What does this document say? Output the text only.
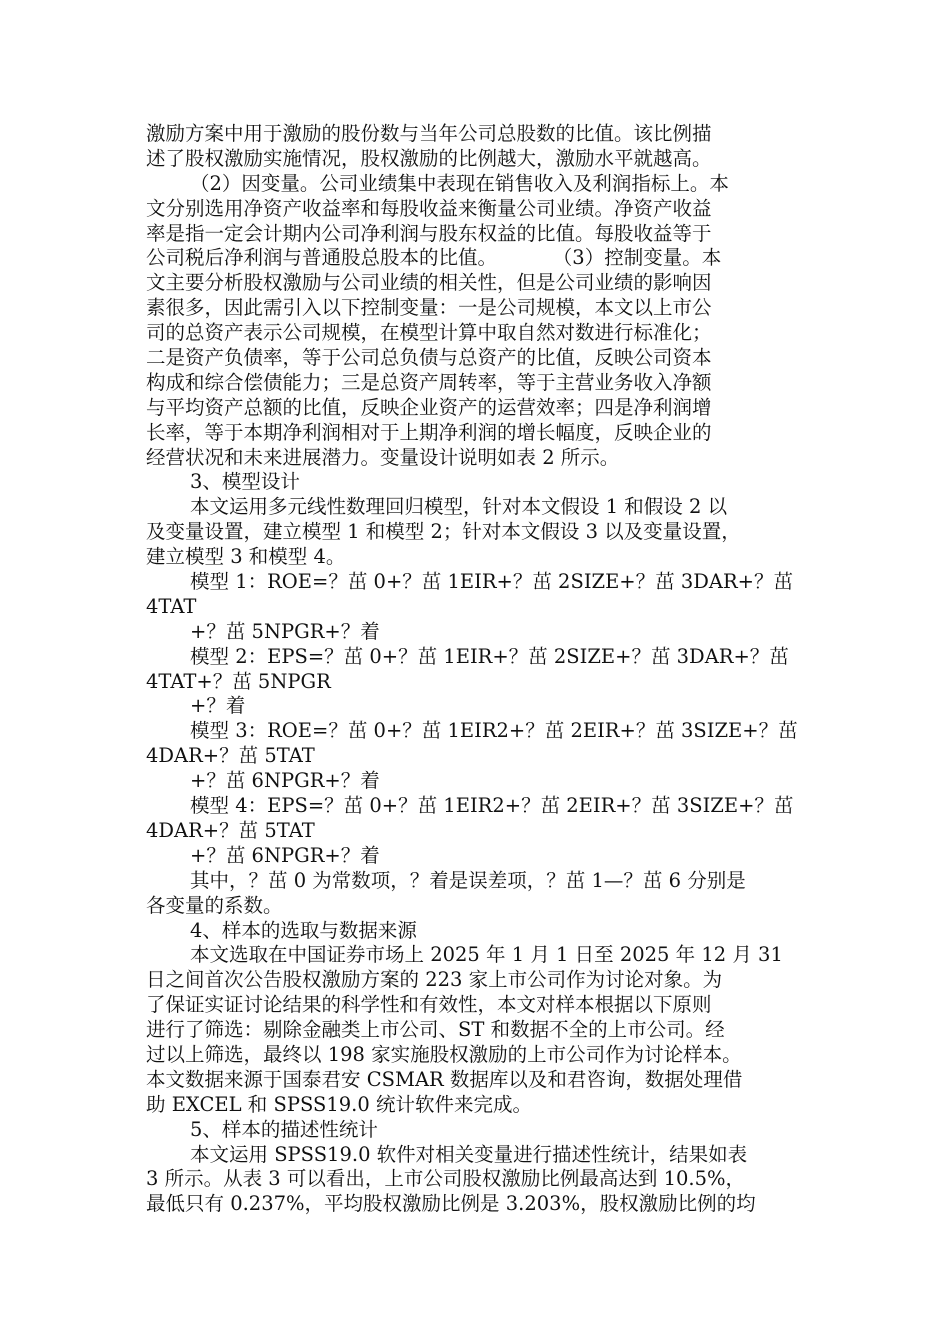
激励方案中用于激励的股份数与当年公司总股数的比值。该比例描
述了股权激励实施情况，股权激励的比例越大，激励水平就越高。
（2）因变量。公司业绩集中表现在销售收入及利润指标上。本
文分别选用净资产收益率和每股收益来衡量公司业绩。净资产收益
率是指一定会计期内公司净利润与股东权益的比值。每股收益等于
公司税后净利润与普通股总股本的比值。         （3）控制变量。本
文主要分析股权激励与公司业绩的相关性，但是公司业绩的影响因
素很多，因此需引入以下控制变量：一是公司规模，本文以上市公
司的总资产表示公司规模，在模型计算中取自然对数进行标准化；
二是资产负债率，等于公司总负债与总资产的比值，反映公司资本
构成和综合偿债能力；三是总资产周转率，等于主营业务收入净额
与平均资产总额的比值，反映企业资产的运营效率；四是净利润增
长率，等于本期净利润相对于上期净利润的增长幅度，反映企业的
经营状况和未来进展潜力。变量设计说明如表 2 所示。
3、模型设计
本文运用多元线性数理回归模型，针对本文假设 1 和假设 2 以
及变量设置，建立模型 1 和模型 2；针对本文假设 3 以及变量设置，
建立模型 3 和模型 4。
模型 1：ROE=？茁 0+？茁 1EIR+？茁 2SIZE+？茁 3DAR+？茁
4TAT
+？茁 5NPGR+？着
模型 2：EPS=？茁 0+？茁 1EIR+？茁 2SIZE+？茁 3DAR+？茁
4TAT+？茁 5NPGR
+？着
模型 3：ROE=？茁 0+？茁 1EIR2+？茁 2EIR+？茁 3SIZE+？茁
4DAR+？茁 5TAT
+？茁 6NPGR+？着
模型 4：EPS=？茁 0+？茁 1EIR2+？茁 2EIR+？茁 3SIZE+？茁
4DAR+？茁 5TAT
+？茁 6NPGR+？着
其中，？茁 0 为常数项，？着是误差项，？茁 1—？茁 6 分别是
各变量的系数。
4、样本的选取与数据来源
本文选取在中国证券市场上 2025 年 1 月 1 日至 2025 年 12 月 31
日之间首次公告股权激励方案的 223 家上市公司作为讨论对象。为
了保证实证讨论结果的科学性和有效性，本文对样本根据以下原则
进行了筛选：剔除金融类上市公司、ST 和数据不全的上市公司。经
过以上筛选，最终以 198 家实施股权激励的上市公司作为讨论样本。
本文数据来源于国泰君安 CSMAR 数据库以及和君咨询，数据处理借
助 EXCEL 和 SPSS19.0 统计软件来完成。
5、样本的描述性统计
本文运用 SPSS19.0 软件对相关变量进行描述性统计，结果如表
3 所示。从表 3 可以看出，上市公司股权激励比例最高达到 10.5%，
最低只有 0.237%，平均股权激励比例是 3.203%，股权激励比例的均
